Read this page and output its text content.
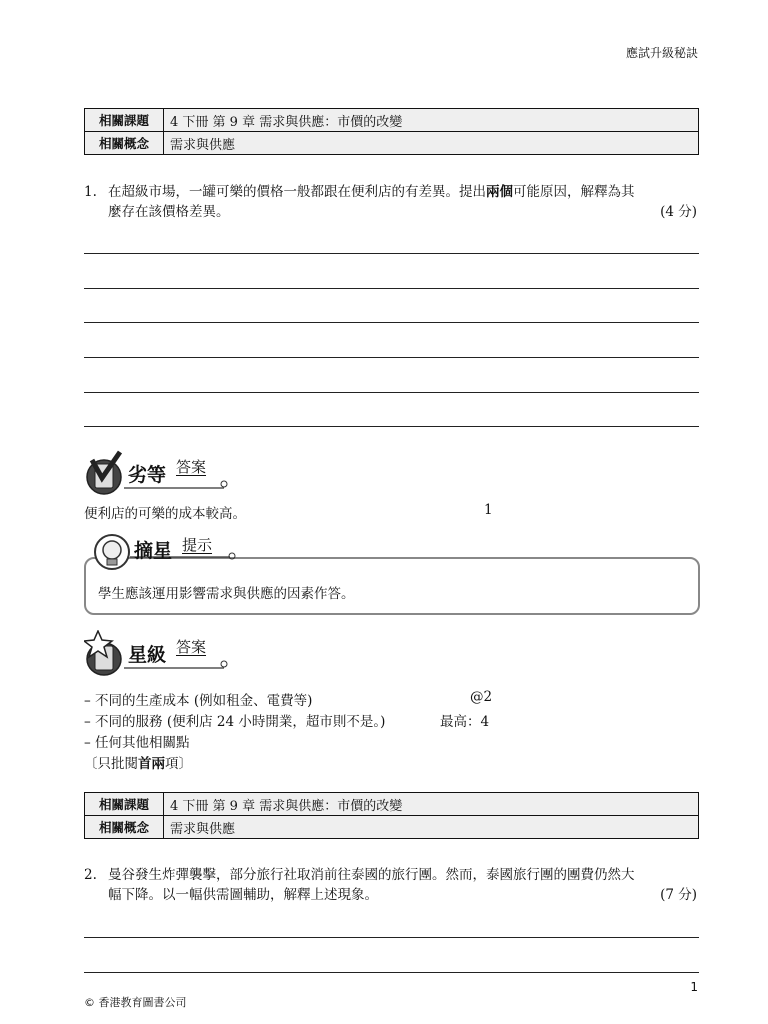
應試升級秘訣
相關課題	4 下冊 第 9 章 需求與供應：市價的改變
相關概念	需求與供應
1. 在超級市場，一罐可樂的價格一般都跟在便利店的有差異。提出兩個可能原因，解釋為其
麼存在該價格差異。	(4 分)
劣等 答案
便利店的可樂的成本較高。	1
摘星 提示
學生應該運用影響需求與供應的因素作答。
星級 答案
– 不同的生產成本 (例如租金、電費等)	@2
– 不同的服務 (便利店 24 小時開業，超市則不是。)	最高：4
– 任何其他相關點
〔只批閱首兩項〕
相關課題	4 下冊 第 9 章 需求與供應：市價的改變
相關概念	需求與供應
2. 曼谷發生炸彈襲擊，部分旅行社取消前往泰國的旅行團。然而，泰國旅行團的團費仍然大
幅下降。以一幅供需圖輔助，解釋上述現象。	(7 分)
1
© 香港教育圖書公司
